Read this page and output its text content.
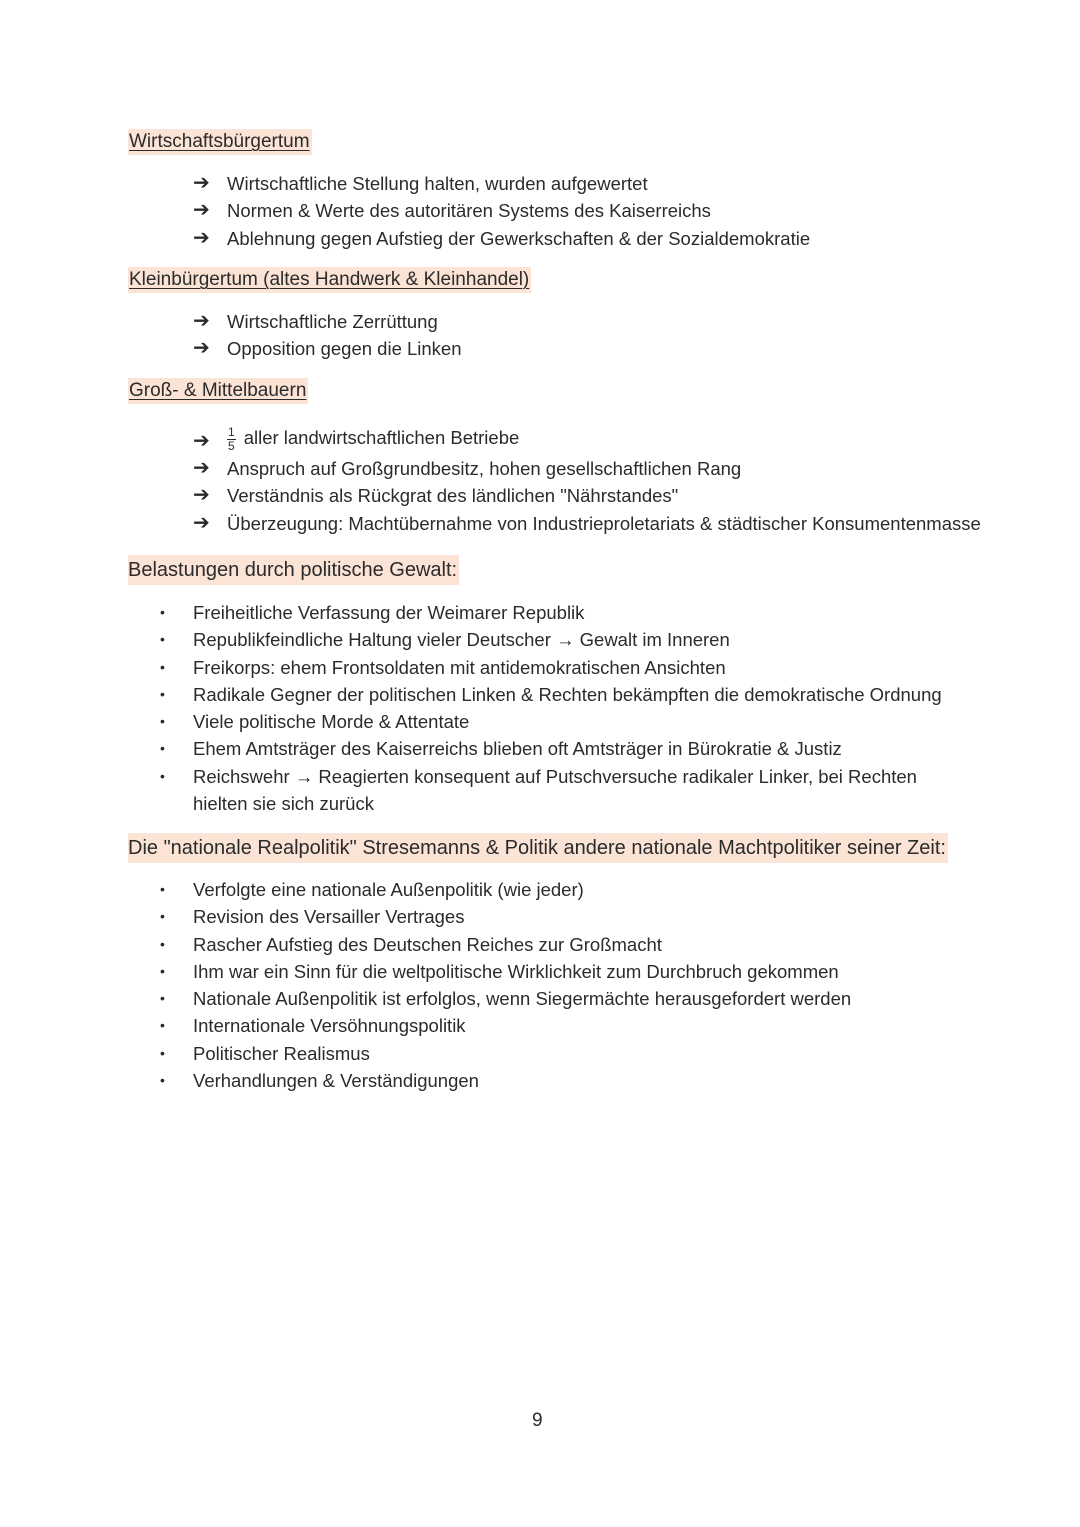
Wirtschaftsbürgertum
➔ Wirtschaftliche Stellung halten, wurden aufgewertet
➔ Normen & Werte des autoritären Systems des Kaiserreichs
➔ Ablehnung gegen Aufstieg der Gewerkschaften & der Sozialdemokratie
Kleinbürgertum (altes Handwerk & Kleinhandel)
➔ Wirtschaftliche Zerrüttung
➔ Opposition gegen die Linken
Groß- & Mittelbauern
➔ $\frac{1}{5}$ aller landwirtschaftlichen Betriebe
➔ Anspruch auf Großgrundbesitz, hohen gesellschaftlichen Rang
➔ Verständnis als Rückgrat des ländlichen "Nährstandes"
➔ Überzeugung: Machtübernahme von Industrieproletariats & städtischer Konsumentenmasse
Belastungen durch politische Gewalt:
• Freiheitliche Verfassung der Weimarer Republik
• Republikfeindliche Haltung vieler Deutscher → Gewalt im Inneren
• Freikorps: ehem Frontsoldaten mit antidemokratischen Ansichten
• Radikale Gegner der politischen Linken & Rechten bekämpften die demokratische Ordnung
• Viele politische Morde & Attentate
• Ehem Amtsträger des Kaiserreichs blieben oft Amtsträger in Bürokratie & Justiz
• Reichswehr → Reagierten konsequent auf Putschversuche radikaler Linker, bei Rechten hielten sie sich zurück
Die "nationale Realpolitik" Stresemanns & Politik andere nationale Machtpolitiker seiner Zeit:
• Verfolgte eine nationale Außenpolitik (wie jeder)
• Revision des Versailler Vertrages
• Rascher Aufstieg des Deutschen Reiches zur Großmacht
• Ihm war ein Sinn für die weltpolitische Wirklichkeit zum Durchbruch gekommen
• Nationale Außenpolitik ist erfolglos, wenn Siegermächte herausgefordert werden
• Internationale Versöhnungspolitik
• Politischer Realismus
• Verhandlungen & Verständigungen
9
